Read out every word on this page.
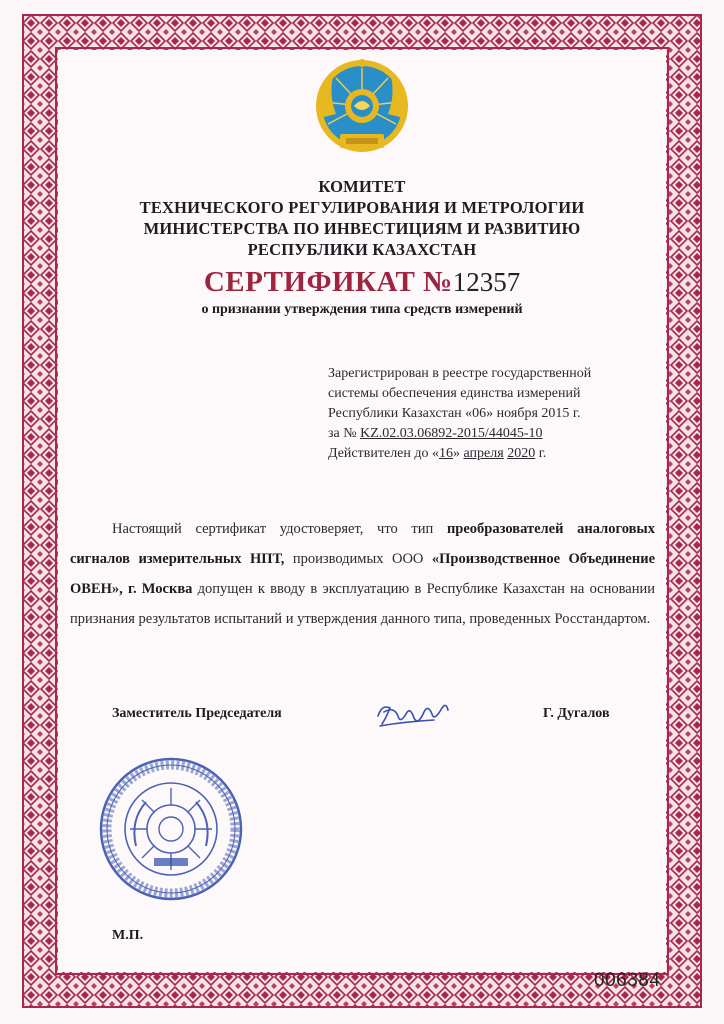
КОМИТЕТ
ТЕХНИЧЕСКОГО РЕГУЛИРОВАНИЯ И МЕТРОЛОГИИ
МИНИСТЕРСТВА ПО ИНВЕСТИЦИЯМ И РАЗВИТИЮ
РЕСПУБЛИКИ КАЗАХСТАН
СЕРТИФИКАТ №12357
о признании утверждения типа средств измерений
Зарегистрирован в реестре государственной
системы обеспечения единства измерений
Республики Казахстан «06» ноября 2015 г.
за № KZ.02.03.06892-2015/44045-10
Действителен до «16» апреля 2020 г.
Настоящий сертификат удостоверяет, что тип преобразователей аналоговых сигналов измерительных НПТ, производимых ООО «Производственное Объединение ОВЕН», г. Москва допущен к вводу в эксплуатацию в Республике Казахстан на основании признания результатов испытаний и утверждения данного типа, проведенных Росстандартом.
Заместитель Председателя	Г. Дугалов
М.П.
006384
